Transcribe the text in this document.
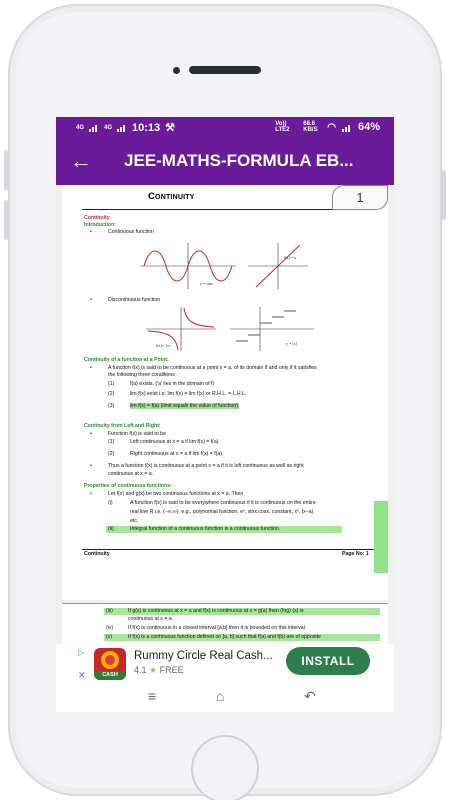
4G	4G 10:13 ⚒	Vo)) LTE2
68.6 KB/S ◠ 64%
← JEE-MATHS-FORMULA EB...
Continuity
Continuity
Introduction:
•	Continuous function
y = sinx
f(x) = x
•	Discontinuous function
f(x)= 1/x	y = [x]
Continuity of a function at a Point:
•	A function f(x) is said to be continuous at a point x = a, of its domain if and only if it satisfies
the following three conditions :
(1)	f(a) exists. ('a' lies in the domain of f)
(2)	lim f(x) exist i.e. lim f(x) = lim f(x) or R.H.L. = L.H.L.
(3)	lim f(x) = f(a) (limit equals the value of function).
Continuity from Left and Right:
•	Function f(x) is said to be
(1)	Left continuous at x = a if lim f(x) = f(a)
(2)	Right continuous at x = a if lim f(x) = f(a).
•	Thus a function f(x) is continuous at a point x = a if it is left continuous as well as right
continuous at x = a.
Properties of continuous functions:
•	Let f(x) and g(x) be two continuous functions at x = a. Then
(i)	A function f(x) is said to be everywhere continuous if it is continuous on the entire
real line R i.e. (−∞,∞). e.g., polynomial function, eˣ, sinx,cosx, constant, xⁿ, |x−a|
etc.
(ii)	Integral function of a continuous function is a continuous function.
Continuity	Page No: 1
1
(iii)	If g(x) is continuous at x = a and f(x) is continuous at x = g(a) then (fog) (x) is
continuous at x = a.
(iv)	If f(x) is continuous in a closed interval [a,b] then it is bounded on this interval.
(v)	If f(x) is a continuous function defined on [a, b] such that f(a) and f(b) are of opposite
▷
✕	CASH
Rummy Circle Real Cash...
4.1 ★ FREE
INSTALL
≡	⌂	↶
